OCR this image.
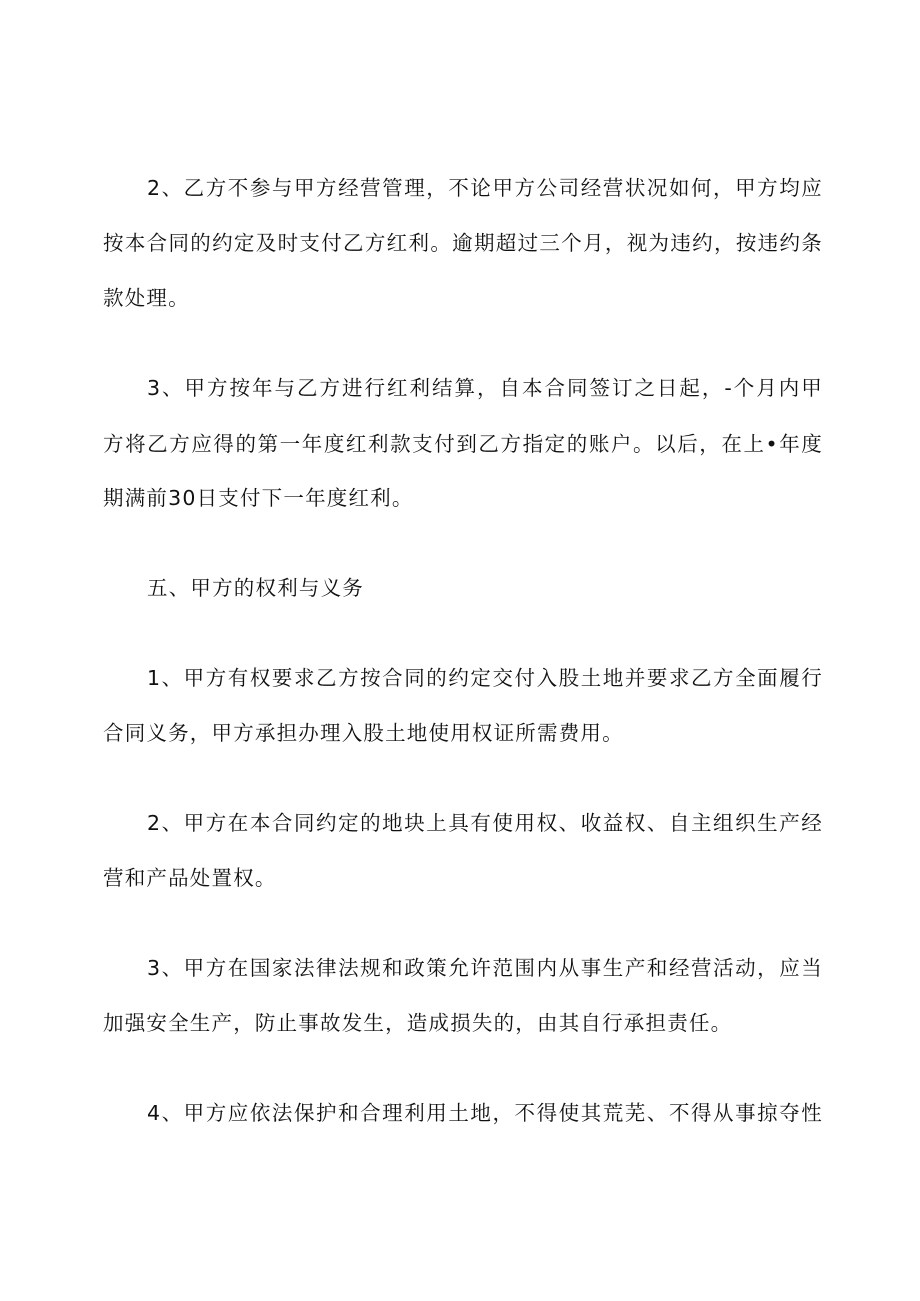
2、乙方不参与甲方经营管理，不论甲方公司经营状况如何，甲方均应
按本合同的约定及时支付乙方红利。逾期超过三个月，视为违约，按违约条
款处理。
3、甲方按年与乙方进行红利结算，自本合同签订之日起，-个月内甲
方将乙方应得的第一年度红利款支付到乙方指定的账户。以后，在上•年度
期满前30日支付下一年度红利。
五、甲方的权利与义务
1、甲方有权要求乙方按合同的约定交付入股土地并要求乙方全面履行
合同义务，甲方承担办理入股土地使用权证所需费用。
2、甲方在本合同约定的地块上具有使用权、收益权、自主组织生产经
营和产品处置权。
3、甲方在国家法律法规和政策允许范围内从事生产和经营活动，应当
加强安全生产，防止事故发生，造成损失的，由其自行承担责任。
4、甲方应依法保护和合理利用土地，不得使其荒芜、不得从事掠夺性
